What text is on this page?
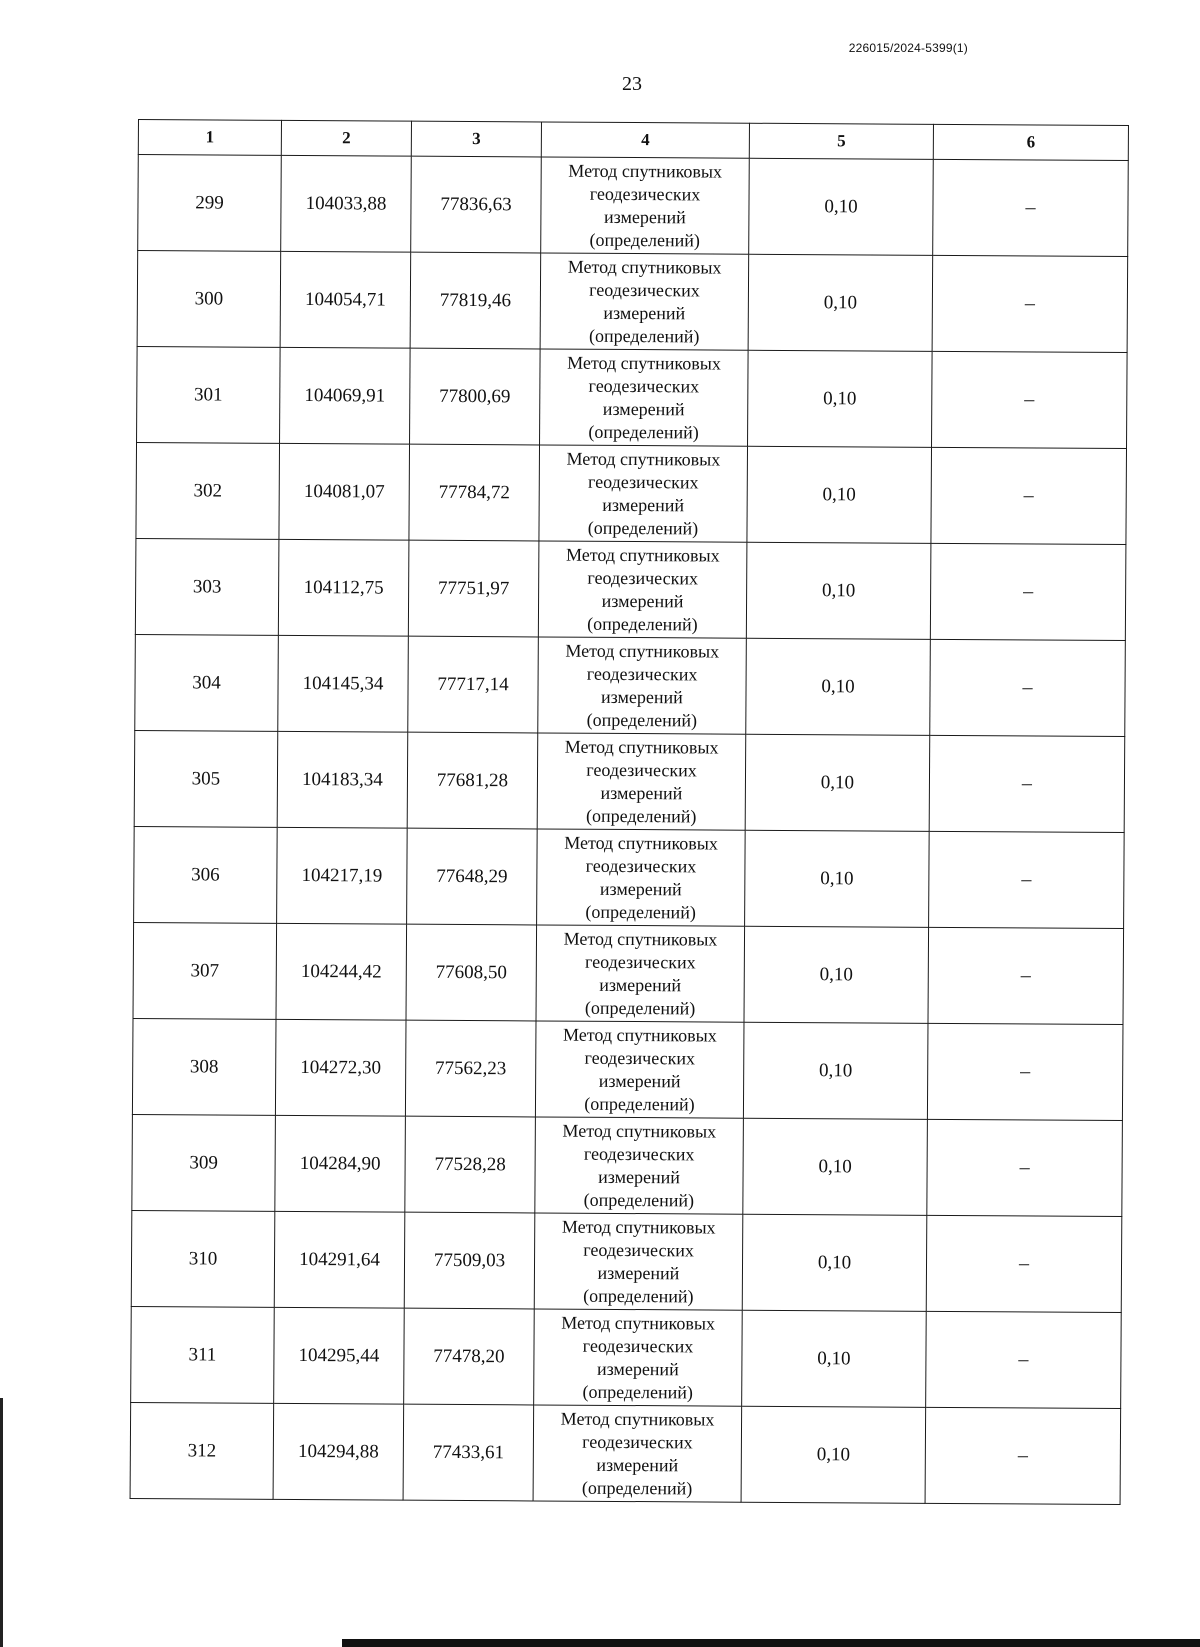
226015/2024-5399(1)
23
1	2	3	4	5	6
299	104033,88	77836,63	Метод спутниковых
геодезических
измерений
(определений)	0,10	–
300	104054,71	77819,46	Метод спутниковых
геодезических
измерений
(определений)	0,10	–
301	104069,91	77800,69	Метод спутниковых
геодезических
измерений
(определений)	0,10	–
302	104081,07	77784,72	Метод спутниковых
геодезических
измерений
(определений)	0,10	–
303	104112,75	77751,97	Метод спутниковых
геодезических
измерений
(определений)	0,10	–
304	104145,34	77717,14	Метод спутниковых
геодезических
измерений
(определений)	0,10	–
305	104183,34	77681,28	Метод спутниковых
геодезических
измерений
(определений)	0,10	–
306	104217,19	77648,29	Метод спутниковых
геодезических
измерений
(определений)	0,10	–
307	104244,42	77608,50	Метод спутниковых
геодезических
измерений
(определений)	0,10	–
308	104272,30	77562,23	Метод спутниковых
геодезических
измерений
(определений)	0,10	–
309	104284,90	77528,28	Метод спутниковых
геодезических
измерений
(определений)	0,10	–
310	104291,64	77509,03	Метод спутниковых
геодезических
измерений
(определений)	0,10	–
311	104295,44	77478,20	Метод спутниковых
геодезических
измерений
(определений)	0,10	–
312	104294,88	77433,61	Метод спутниковых
геодезических
измерений
(определений)	0,10	–
